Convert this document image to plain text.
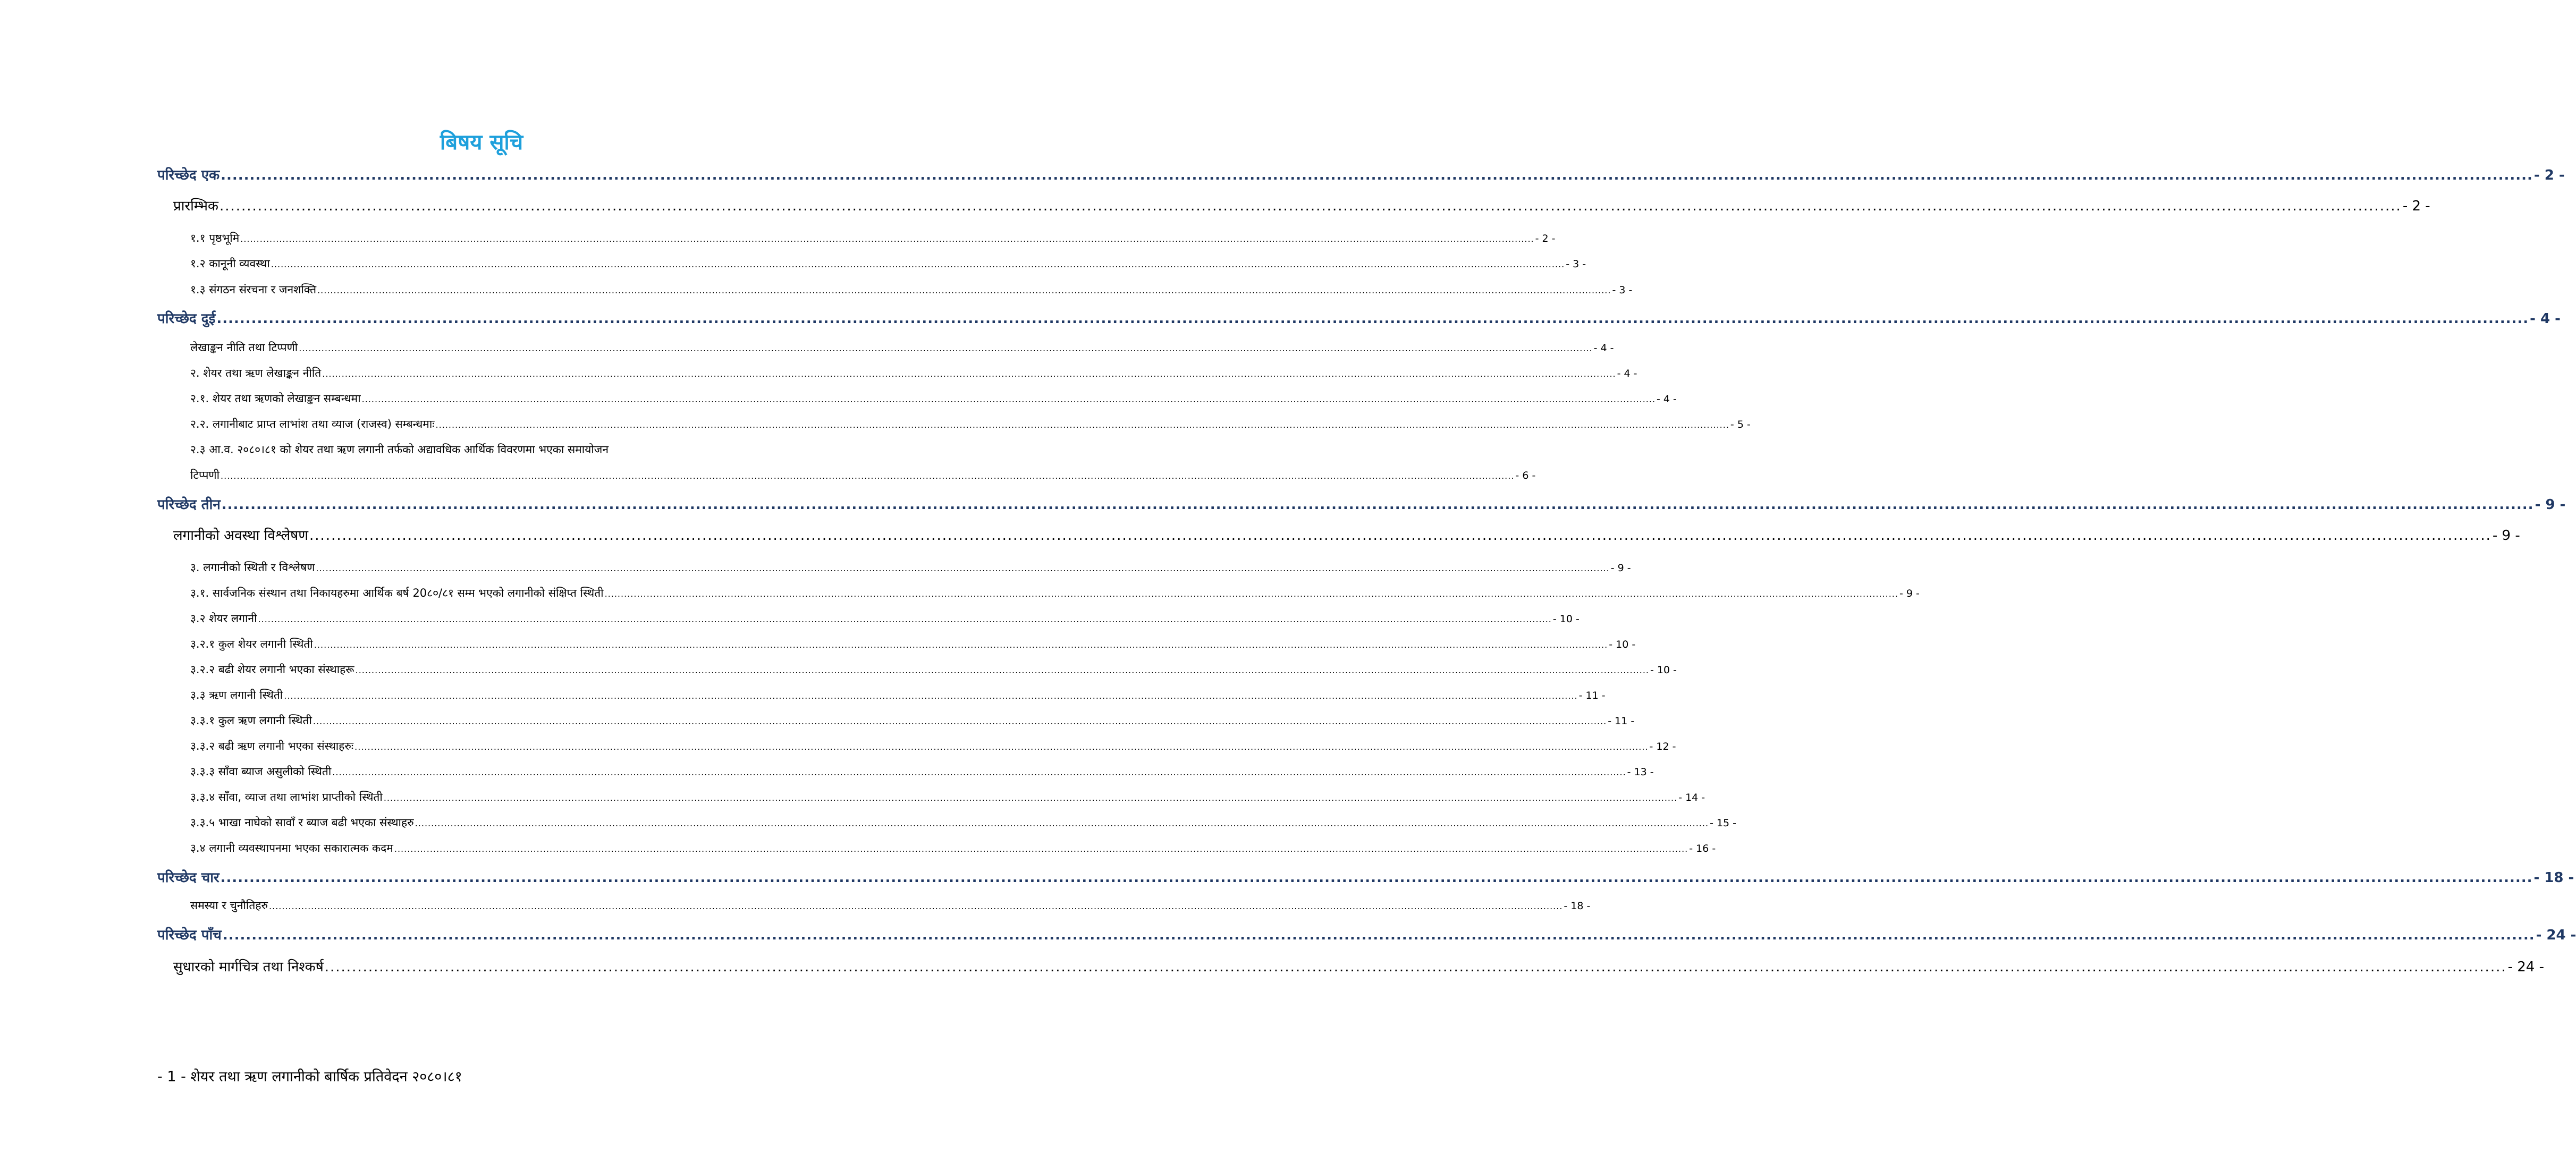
बिषय सूचि
परिच्छेद एक ................................................................................................................................................................................................................................................................................................................................................................................................................ - 2 -
प्रारम्भिक ................................................................................................................................................................................................................................................................................................................................................................................................................ - 2 -
१.१ पृष्ठभूमि ................................................................................................................................................................................................................................................................................................................................................................................................................ - 2 -
१.२ कानूनी व्यवस्था ................................................................................................................................................................................................................................................................................................................................................................................................................ - 3 -
१.३ संगठन संरचना र जनशक्ति ................................................................................................................................................................................................................................................................................................................................................................................................................ - 3 -
परिच्छेद दुई ................................................................................................................................................................................................................................................................................................................................................................................................................ - 4 -
लेखाङ्कन नीति तथा टिप्पणी ................................................................................................................................................................................................................................................................................................................................................................................................................ - 4 -
२. शेयर तथा ऋण लेखाङ्कन नीति ................................................................................................................................................................................................................................................................................................................................................................................................................ - 4 -
२.१. शेयर तथा ऋणको लेखाङ्कन सम्बन्धमा ................................................................................................................................................................................................................................................................................................................................................................................................................ - 4 -
२.२. लगानीबाट प्राप्त लाभांश तथा व्याज (राजस्व) सम्बन्धमाः ................................................................................................................................................................................................................................................................................................................................................................................................................ - 5 -
२.३ आ.व. २०८०।८१ को शेयर तथा ऋण लगानी तर्फको अद्यावधिक आर्थिक विवरणमा भएका समायोजन
टिप्पणी ................................................................................................................................................................................................................................................................................................................................................................................................................ - 6 -
परिच्छेद तीन ................................................................................................................................................................................................................................................................................................................................................................................................................ - 9 -
लगानीको अवस्था विश्लेषण ................................................................................................................................................................................................................................................................................................................................................................................................................ - 9 -
३. लगानीको स्थिती र विश्लेषण ................................................................................................................................................................................................................................................................................................................................................................................................................ - 9 -
३.१. सार्वजनिक संस्थान तथा निकायहरुमा आर्थिक बर्ष 20८०/८१ सम्म भएको लगानीको संक्षिप्त स्थिती ................................................................................................................................................................................................................................................................................................................................................................................................................ - 9 -
३.२ शेयर लगानी ................................................................................................................................................................................................................................................................................................................................................................................................................ - 10 -
३.२.१ कुल शेयर लगानी स्थिती ................................................................................................................................................................................................................................................................................................................................................................................................................ - 10 -
३.२.२ बढी शेयर लगानी भएका संस्थाहरू ................................................................................................................................................................................................................................................................................................................................................................................................................ - 10 -
३.३ ऋण लगानी स्थिती ................................................................................................................................................................................................................................................................................................................................................................................................................ - 11 -
३.३.१ कुल ऋण लगानी स्थिती ................................................................................................................................................................................................................................................................................................................................................................................................................ - 11 -
३.३.२ बढी ऋण लगानी भएका संस्थाहरुः ................................................................................................................................................................................................................................................................................................................................................................................................................ - 12 -
३.३.३ साँवा ब्याज असुलीको स्थिती ................................................................................................................................................................................................................................................................................................................................................................................................................ - 13 -
३.३.४ साँवा, व्याज तथा लाभांश प्राप्तीको स्थिती ................................................................................................................................................................................................................................................................................................................................................................................................................ - 14 -
३.३.५ भाखा नाघेको सावाँ र ब्याज बढी भएका संस्थाहरु ................................................................................................................................................................................................................................................................................................................................................................................................................ - 15 -
३.४ लगानी व्यवस्थापनमा भएका सकारात्मक कदम ................................................................................................................................................................................................................................................................................................................................................................................................................ - 16 -
परिच्छेद चार ................................................................................................................................................................................................................................................................................................................................................................................................................ - 18 -
समस्या र चुनौतिहरु ................................................................................................................................................................................................................................................................................................................................................................................................................ - 18 -
परिच्छेद पाँच ................................................................................................................................................................................................................................................................................................................................................................................................................ - 24 -
सुधारको मार्गचित्र तथा निश्कर्ष ................................................................................................................................................................................................................................................................................................................................................................................................................ - 24 -
- 1 - शेयर तथा ऋण लगानीको बार्षिक प्रतिवेदन २०८०।८१
